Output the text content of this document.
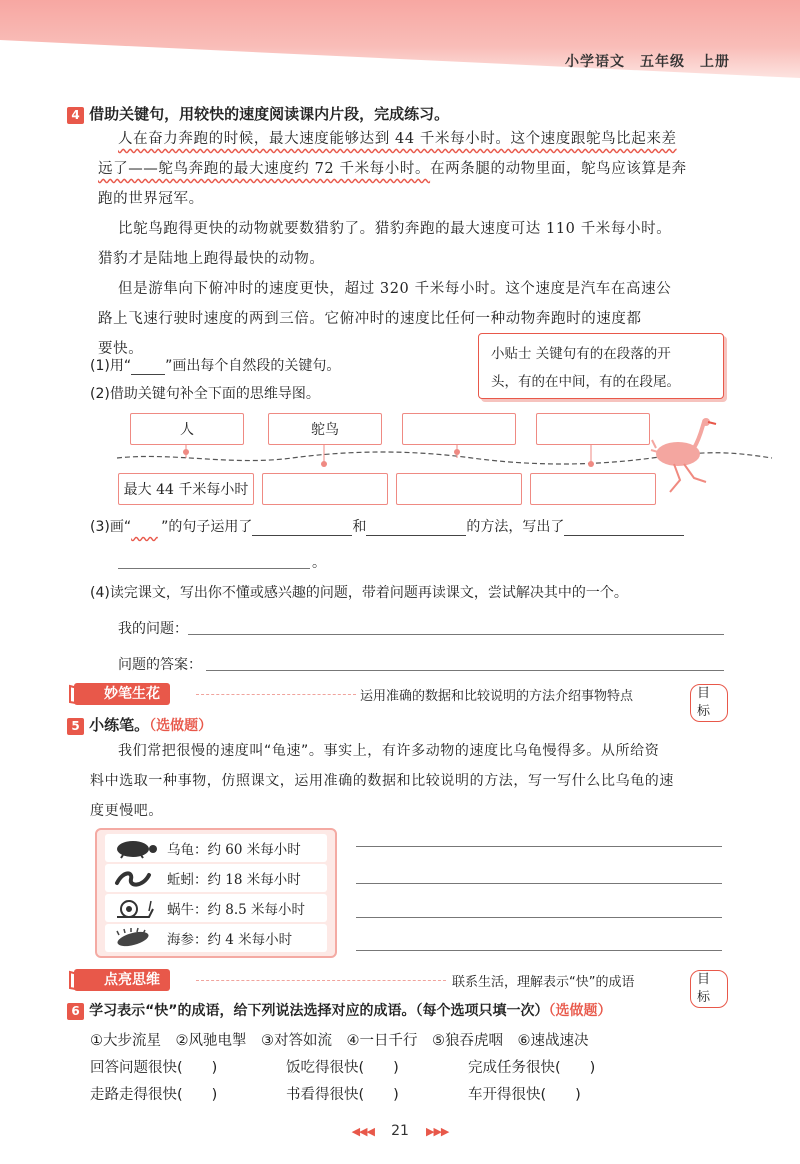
小学语文　五年级　上册
4 借助关键句，用较快的速度阅读课内片段，完成练习。
人在奋力奔跑的时候，最大速度能够达到 44 千米每小时。这个速度跟鸵鸟比起来差
远了——鸵鸟奔跑的最大速度约 72 千米每小时。在两条腿的动物里面，鸵鸟应该算是奔
跑的世界冠军。
比鸵鸟跑得更快的动物就要数猎豹了。猎豹奔跑的最大速度可达 110 千米每小时。
猎豹才是陆地上跑得最快的动物。
但是游隼向下俯冲时的速度更快，超过 320 千米每小时。这个速度是汽车在高速公
路上飞速行驶时速度的两到三倍。它俯冲时的速度比任何一种动物奔跑时的速度都
要快。	小贴士 关键句有的在段落的开
头，有的在中间，有的在段尾。
(1)用“ ”画出每个自然段的关键句。
(2)借助关键句补全下面的思维导图。
人	鸵鸟
最大 44 千米每小时
(3)画“ ”的句子运用了	和	的方法，写出了
。
(4)读完课文，写出你不懂或感兴趣的问题，带着问题再读课文，尝试解决其中的一个。
我的问题：
问题的答案：
妙笔生花	运用准确的数据和比较说明的方法介绍事物特点	目标
5 小练笔。（选做题）
我们常把很慢的速度叫“龟速”。事实上，有许多动物的速度比乌龟慢得多。从所给资
料中选取一种事物，仿照课文，运用准确的数据和比较说明的方法，写一写什么比乌龟的速
度更慢吧。
乌龟：约 60 米每小时
蚯蚓：约 18 米每小时
蜗牛：约 8.5 米每小时
海参：约 4 米每小时
点亮思维	联系生活，理解表示“快”的成语	目标
6 学习表示“快”的成语，给下列说法选择对应的成语。（每个选项只填一次）（选做题）
①大步流星　②风驰电掣　③对答如流　④一日千行　⑤狼吞虎咽　⑥速战速决
回答问题很快(　　)	饭吃得很快(　　)	完成任务很快(　　)
走路走得很快(　　)	书看得很快(　　)	车开得很快(　　)
◀◀◀ 21 ▶▶▶
